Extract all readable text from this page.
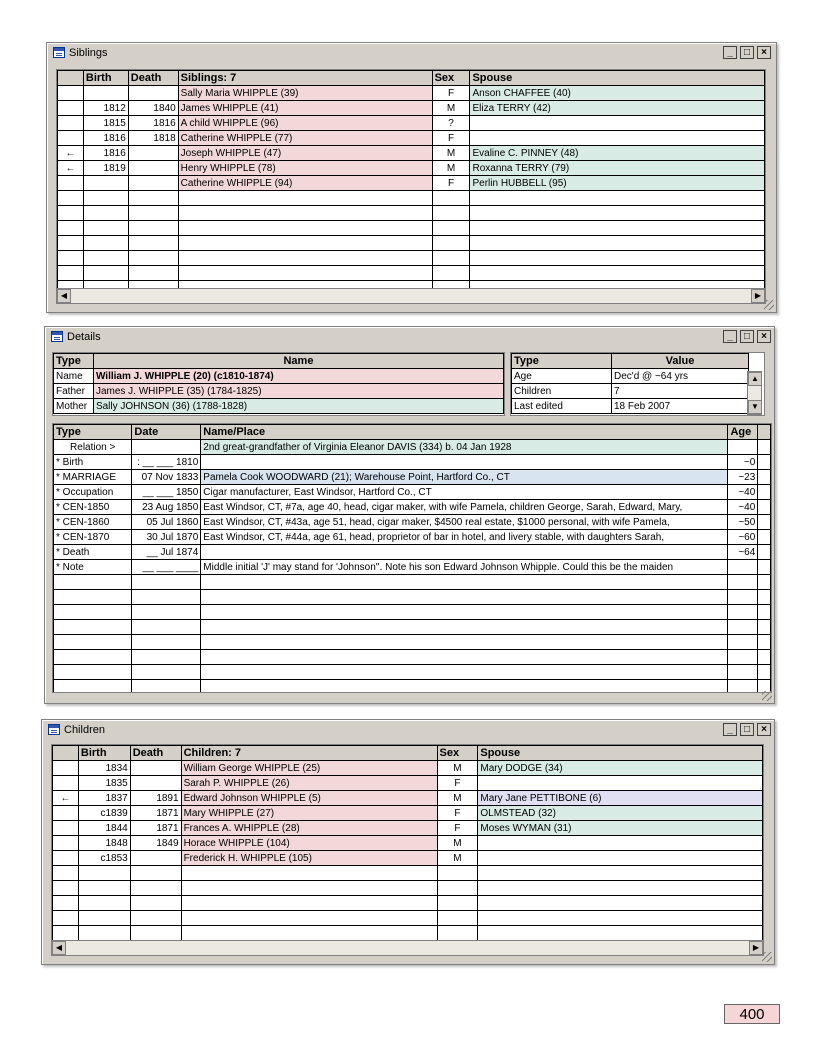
Siblings	_	□	×
	Birth	Death	Siblings: 7	Sex	Spouse
			Sally Maria WHIPPLE (39)	F	Anson CHAFFEE (40)
	1812	1840	James WHIPPLE (41)	M	Eliza TERRY (42)
	1815	1816	A child WHIPPLE (96)	?	
	1816	1818	Catherine WHIPPLE (77)	F	
←	1816		Joseph WHIPPLE (47)	M	Evaline C. PINNEY (48)
←	1819		Henry WHIPPLE (78)	M	Roxanna TERRY (79)
			Catherine WHIPPLE (94)	F	Perlin HUBBELL (95)

◀	▶
Details	_	□	×
Type	Name
Name	William J. WHIPPLE (20) (c1810-1874)
Father	James J. WHIPPLE (35) (1784-1825)
Mother	Sally JOHNSON (36) (1788-1828)
Type	Value
Age	Dec'd @ ~64 yrs
Children	7
Last edited	18 Feb 2007
▲
▼
Type	Date	Name/Place	Age	
Relation >		2nd great-grandfather of Virginia Eleanor DAVIS (334) b. 04 Jan 1928		
* Birth	: __ ___ 1810		~0	
* MARRIAGE	07 Nov 1833	Pamela Cook WOODWARD (21); Warehouse Point, Hartford Co., CT	~23	
* Occupation	__ ___ 1850	Cigar manufacturer, East Windsor, Hartford Co., CT	~40	
* CEN-1850	23 Aug 1850	East Windsor, CT, #7a, age 40, head, cigar maker, with wife Pamela, children George, Sarah, Edward, Mary,	~40	
* CEN-1860	05 Jul 1860	East Windsor, CT, #43a, age 51, head, cigar maker, $4500 real estate, $1000 personal, with wife Pamela,	~50	
* CEN-1870	30 Jul 1870	East Windsor, CT, #44a, age 61, head, proprietor of bar in hotel, and livery stable, with daughters Sarah,	~60	
* Death	__ Jul 1874		~64	
* Note	__ ___ ____	Middle initial 'J' may stand for 'Johnson''. Note his son Edward Johnson Whipple. Could this be the maiden		

Children	_	□	×
	Birth	Death	Children: 7	Sex	Spouse
	1834		William George WHIPPLE (25)	M	Mary DODGE (34)
	1835		Sarah P. WHIPPLE (26)	F	
←	1837	1891	Edward Johnson WHIPPLE (5)	M	Mary Jane PETTIBONE (6)
	c1839	1871	Mary WHIPPLE (27)	F	OLMSTEAD (32)
	1844	1871	Frances A. WHIPPLE (28)	F	Moses WYMAN (31)
	1848	1849	Horace WHIPPLE (104)	M	
	c1853		Frederick H. WHIPPLE (105)	M	

◀	▶
400
